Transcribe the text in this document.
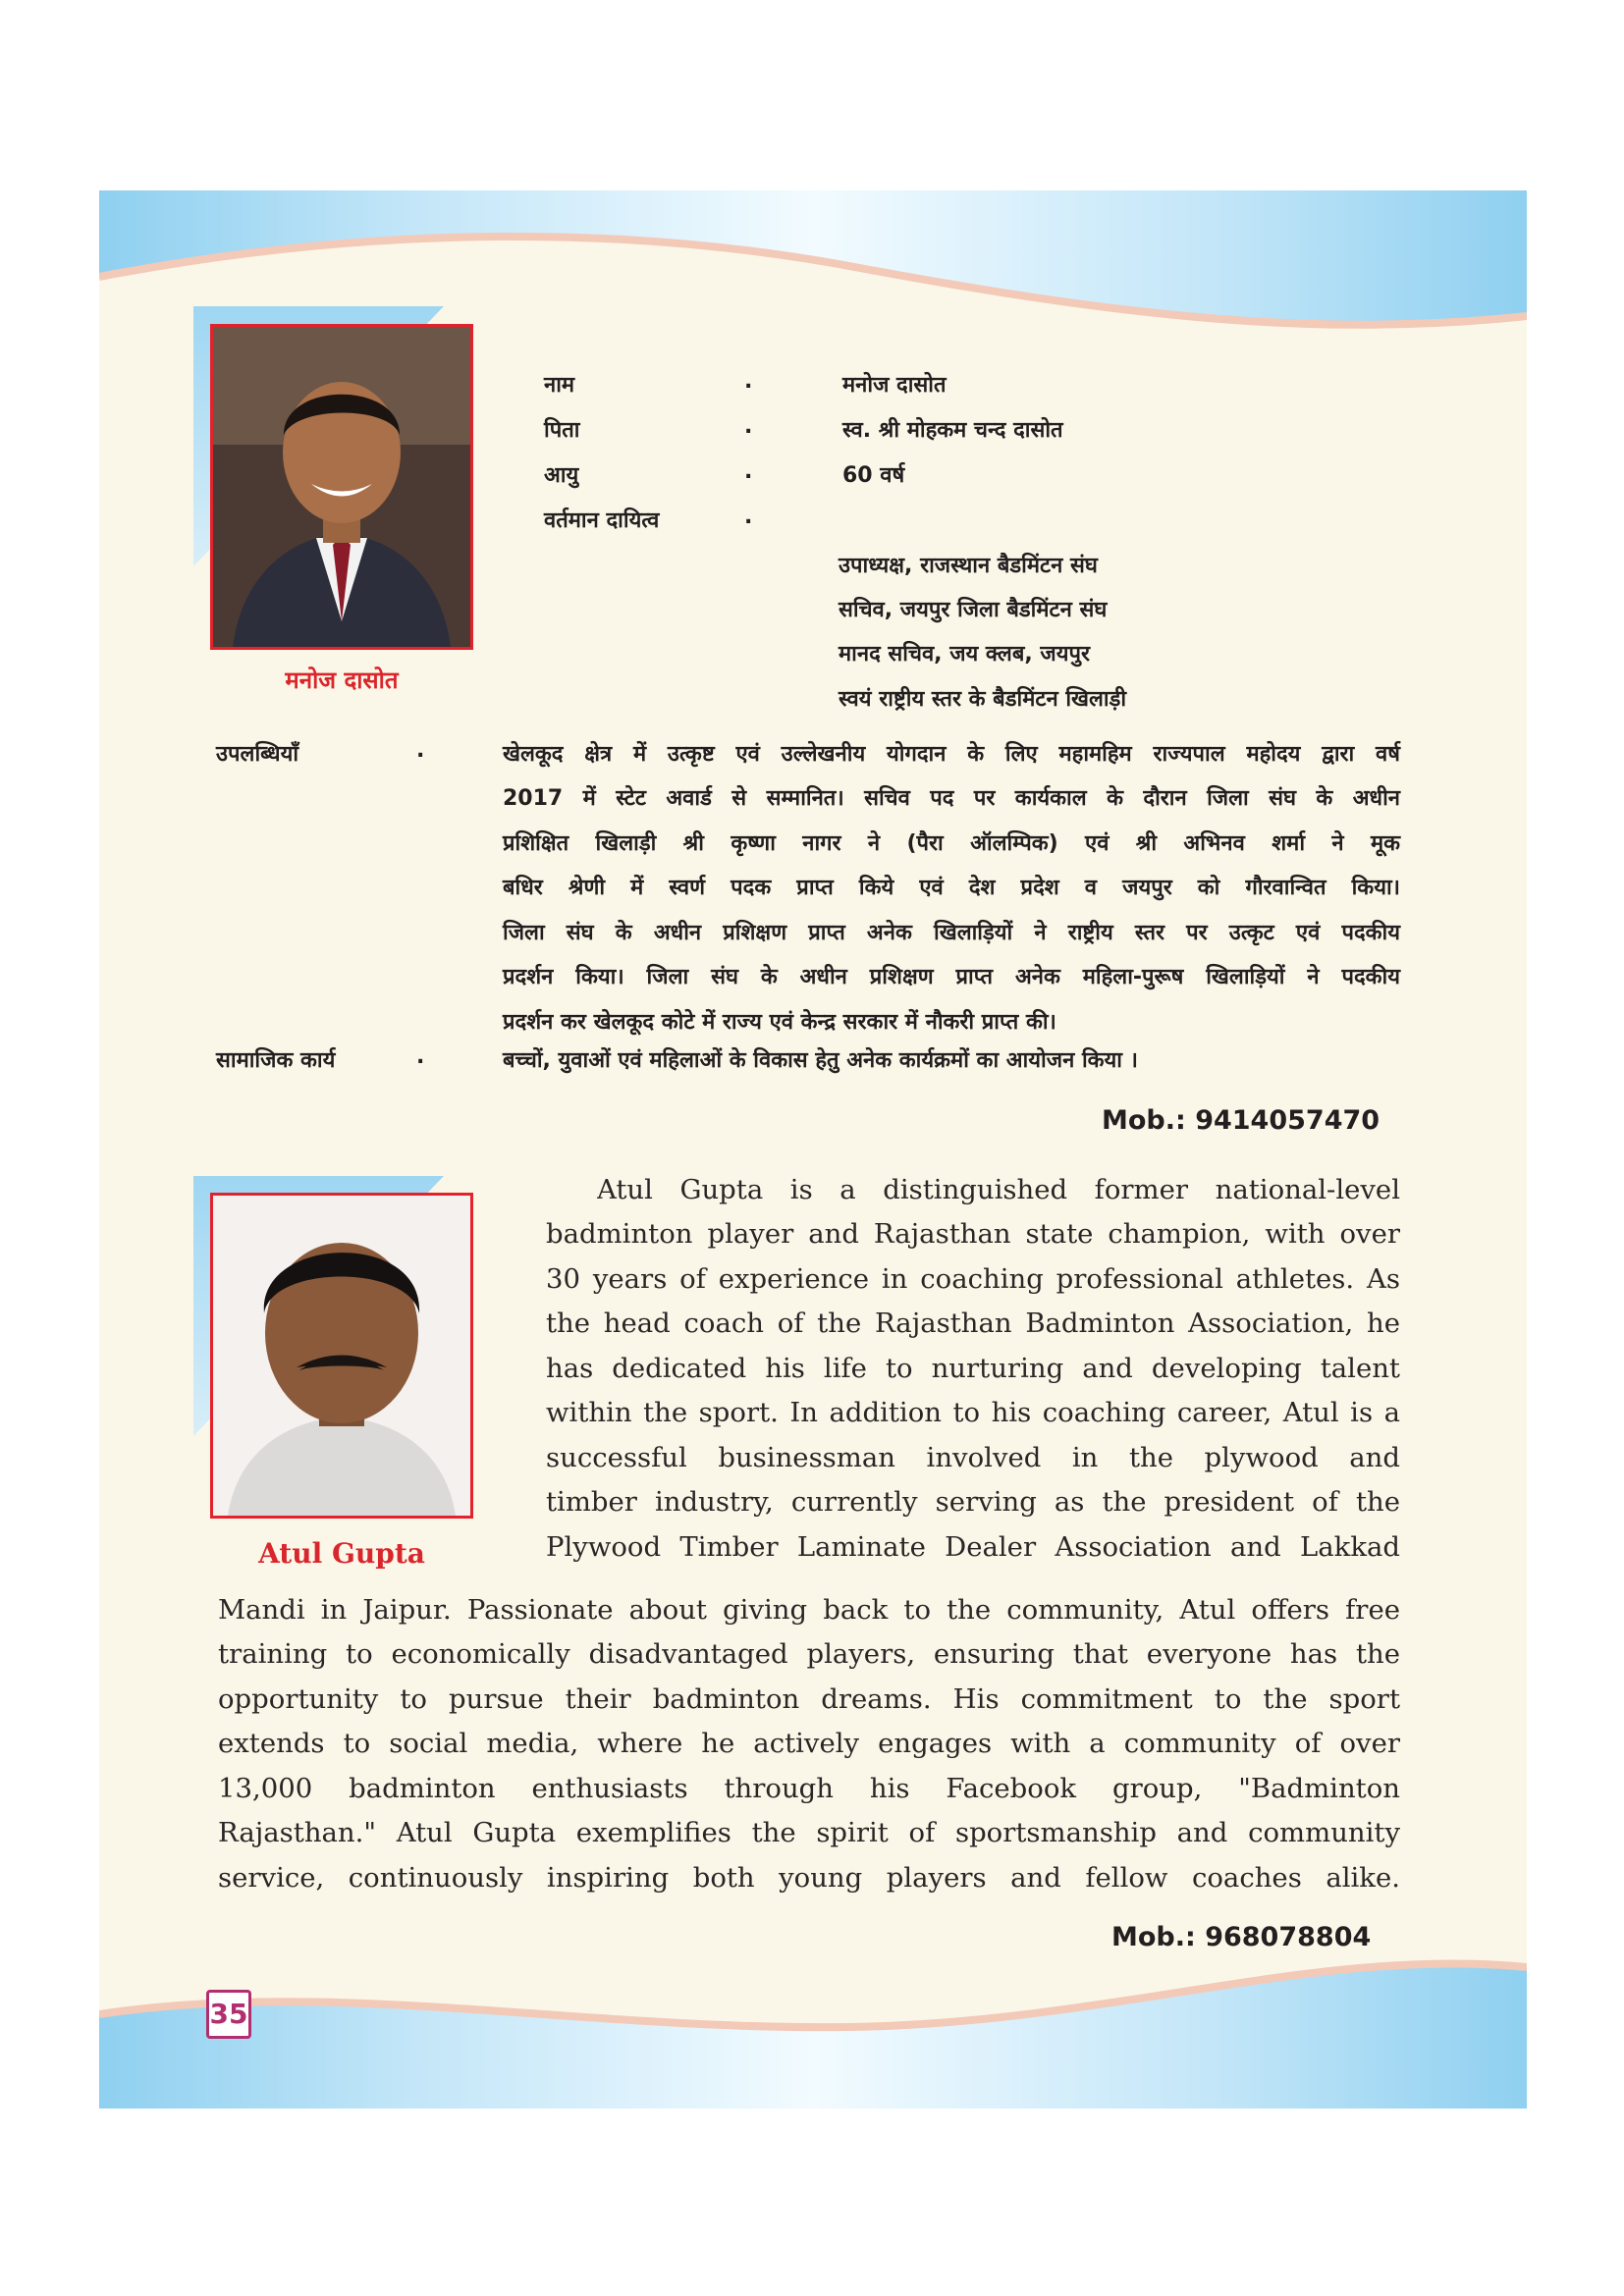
मनोज दासोत
नाम	.	मनोज दासोत
पिता	.	स्व. श्री मोहकम चन्द दासोत
आयु	.	60 वर्ष
वर्तमान दायित्व	.
उपाध्यक्ष, राजस्थान बैडमिंटन संघ
सचिव, जयपुर जिला बैडमिंटन संघ
मानद सचिव, जय क्लब, जयपुर
स्वयं राष्ट्रीय स्तर के बैडमिंटन खिलाड़ी
उपलब्धियाँ	.	खेलकूद क्षेत्र में उत्कृष्ट एवं उल्लेखनीय योगदान के लिए महामहिम राज्यपाल महोदय द्वारा वर्ष
2017 में स्टेट अवार्ड से सम्मानित। सचिव पद पर कार्यकाल के दौरान जिला संघ के अधीन
प्रशिक्षित खिलाड़ी श्री कृष्णा नागर ने (पैरा ऑलम्पिक) एवं श्री अभिनव शर्मा ने मूक
बधिर श्रेणी में स्वर्ण पदक प्राप्त किये एवं देश प्रदेश व जयपुर को गौरवान्वित किया।
जिला संघ के अधीन प्रशिक्षण प्राप्त अनेक खिलाड़ियों ने राष्ट्रीय स्तर पर उत्कृट एवं पदकीय
प्रदर्शन किया। जिला संघ के अधीन प्रशिक्षण प्राप्त अनेक महिला-पुरूष खिलाड़ियों ने पदकीय
प्रदर्शन कर खेलकूद कोटे में राज्य एवं केन्द्र सरकार में नौकरी प्राप्त की।
सामाजिक कार्य	.	बच्चों, युवाओं एवं महिलाओं के विकास हेतु अनेक कार्यक्रमों का आयोजन किया ।
Mob.: 9414057470
Atul Gupta
Atul Gupta is a distinguished former national-level
badminton player and Rajasthan state champion, with over
30 years of experience in coaching professional athletes. As
the head coach of the Rajasthan Badminton Association, he
has dedicated his life to nurturing and developing talent
within the sport. In addition to his coaching career, Atul is a
successful businessman involved in the plywood and
timber industry, currently serving as the president of the
Plywood Timber Laminate Dealer Association and Lakkad
Mandi in Jaipur. Passionate about giving back to the community, Atul offers free
training to economically disadvantaged players, ensuring that everyone has the
opportunity to pursue their badminton dreams. His commitment to the sport
extends to social media, where he actively engages with a community of over
13,000 badminton enthusiasts through his Facebook group, "Badminton
Rajasthan." Atul Gupta exemplifies the spirit of sportsmanship and community
service, continuously inspiring both young players and fellow coaches alike.
Mob.: 968078804
35
